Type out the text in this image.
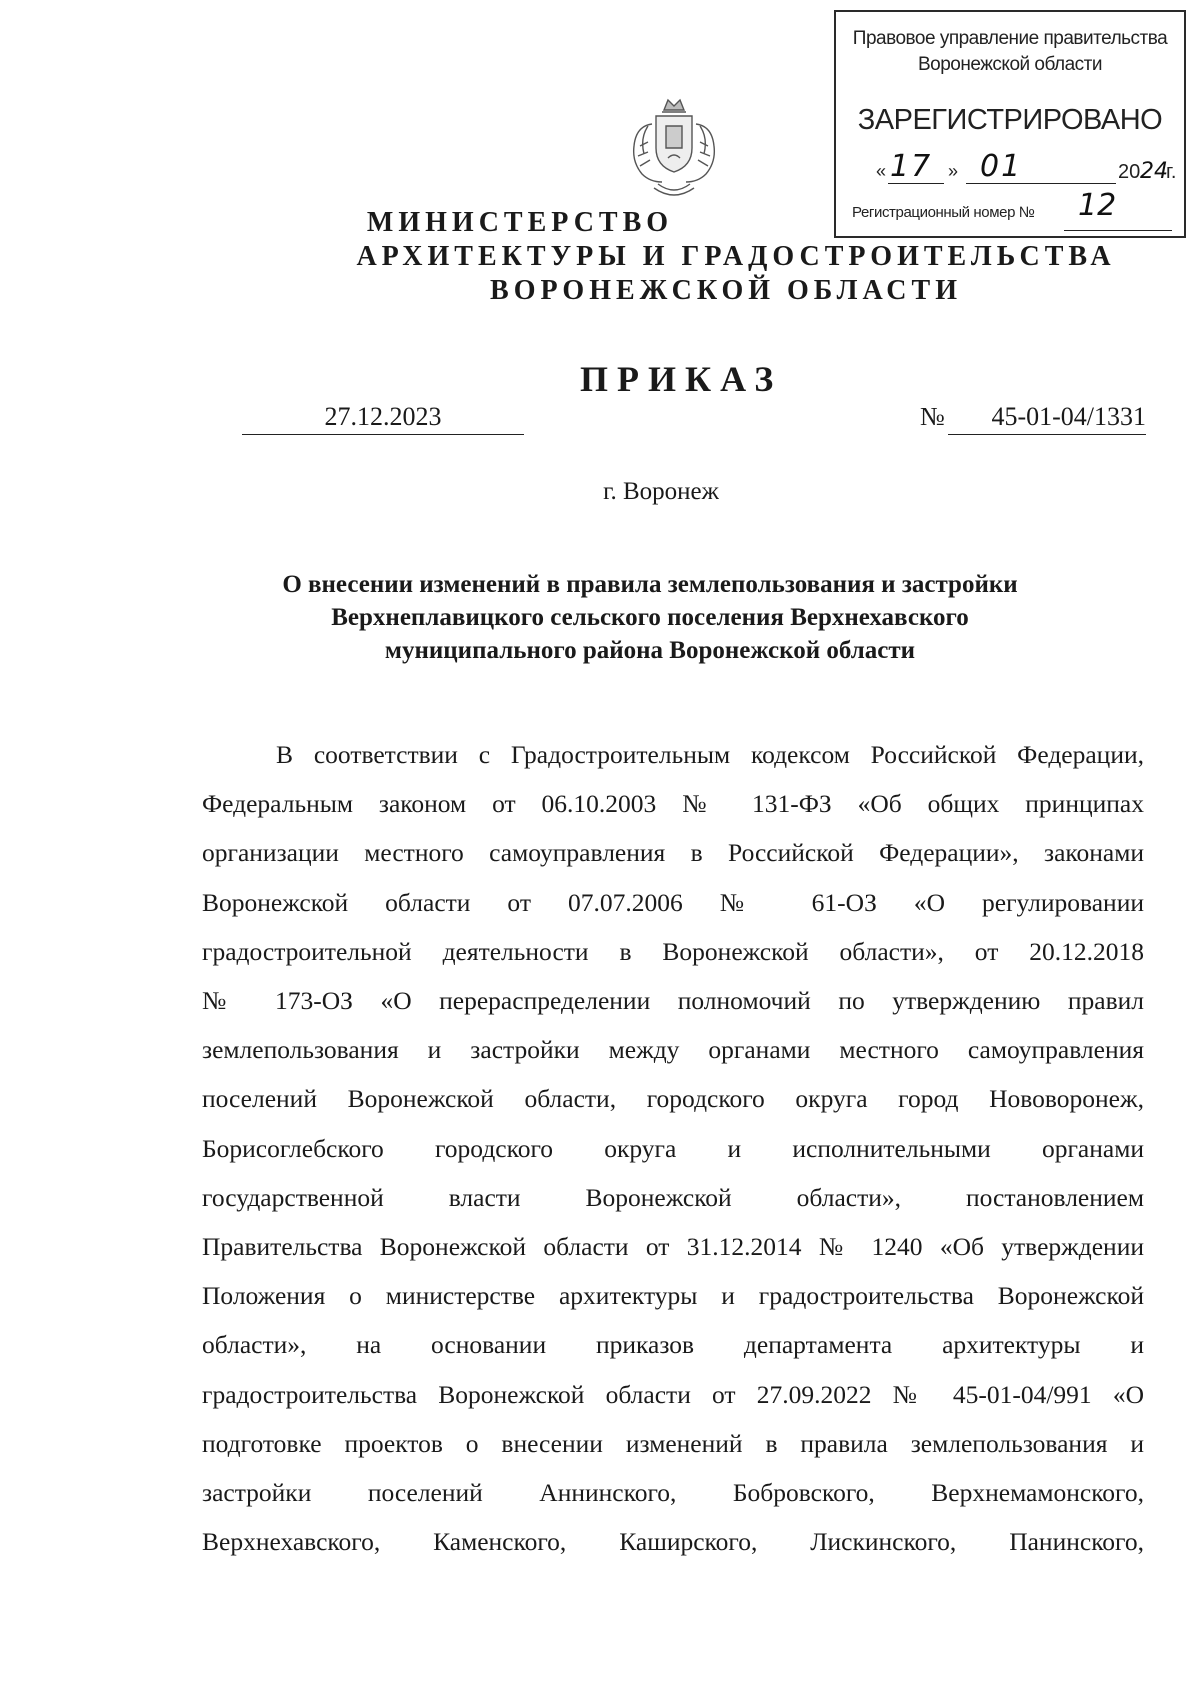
Правовое управление правительства
Воронежской области
ЗАРЕГИСТРИРОВАНО
« 17 » 01	20 24
г.
Регистрационный номер № 12
МИНИСТЕРСТВО
АРХИТЕКТУРЫ И ГРАДОСТРОИТЕЛЬСТВА
ВОРОНЕЖСКОЙ ОБЛАСТИ
ПРИКАЗ
27.12.2023	№	45-01-04/1331
г. Воронеж
О внесении изменений в правила землепользования и застройки
Верхнеплавицкого сельского поселения Верхнехавского
муниципального района Воронежской области
В соответствии с Градостроительным кодексом Российской Федерации,
Федеральным законом от 06.10.2003 № 131-ФЗ «Об общих принципах
организации местного самоуправления в Российской Федерации», законами
Воронежской области от 07.07.2006 № 61-ОЗ «О регулировании
градостроительной деятельности в Воронежской области», от 20.12.2018
№ 173-ОЗ «О перераспределении полномочий по утверждению правил
землепользования и застройки между органами местного самоуправления
поселений Воронежской области, городского округа город Нововоронеж,
Борисоглебского городского округа и исполнительными органами
государственной власти Воронежской области», постановлением
Правительства Воронежской области от 31.12.2014 № 1240 «Об утверждении
Положения о министерстве архитектуры и градостроительства Воронежской
области», на основании приказов департамента архитектуры и
градостроительства Воронежской области от 27.09.2022 № 45-01-04/991 «О
подготовке проектов о внесении изменений в правила землепользования и
застройки поселений Аннинского, Бобровского, Верхнемамонского,
Верхнехавского, Каменского, Каширского, Лискинского, Панинского,
